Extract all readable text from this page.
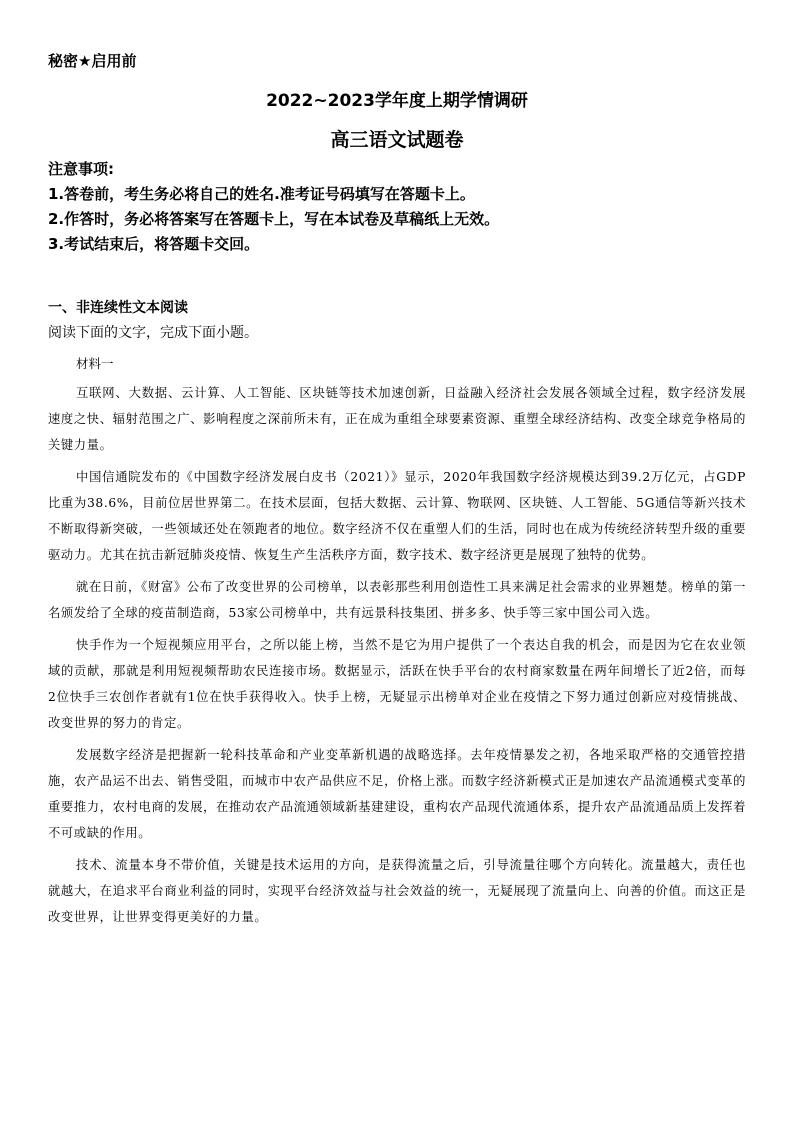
秘密★启用前
2022~2023学年度上期学情调研
高三语文试题卷
注意事项:
1.答卷前，考生务必将自己的姓名.准考证号码填写在答题卡上。
2.作答时，务必将答案写在答题卡上，写在本试卷及草稿纸上无效。
3.考试结束后，将答题卡交回。
一、非连续性文本阅读
阅读下面的文字，完成下面小题。
材料一

互联网、大数据、云计算、人工智能、区块链等技术加速创新，日益融入经济社会发展各领域全过程，数字经济发展速度之快、辐射范围之广、影响程度之深前所未有，正在成为重组全球要素资源、重塑全球经济结构、改变全球竞争格局的关键力量。

中国信通院发布的《中国数字经济发展白皮书（2021）》显示，2020年我国数字经济规模达到39.2万亿元，占GDP比重为38.6%，目前位居世界第二。在技术层面，包括大数据、云计算、物联网、区块链、人工智能、5G通信等新兴技术不断取得新突破，一些领域还处在领跑者的地位。数字经济不仅在重塑人们的生活，同时也在成为传统经济转型升级的重要驱动力。尤其在抗击新冠肺炎疫情、恢复生产生活秩序方面，数字技术、数字经济更是展现了独特的优势。

就在日前，《财富》公布了改变世界的公司榜单，以表彰那些利用创造性工具来满足社会需求的业界翘楚。榜单的第一名颁发给了全球的疫苗制造商，53家公司榜单中，共有远景科技集团、拼多多、快手等三家中国公司入选。

快手作为一个短视频应用平台，之所以能上榜，当然不是它为用户提供了一个表达自我的机会，而是因为它在农业领域的贡献，那就是利用短视频帮助农民连接市场。数据显示，活跃在快手平台的农村商家数量在两年间增长了近2倍，而每2位快手三农创作者就有1位在快手获得收入。快手上榜，无疑显示出榜单对企业在疫情之下努力通过创新应对疫情挑战、改变世界的努力的肯定。

发展数字经济是把握新一轮科技革命和产业变革新机遇的战略选择。去年疫情暴发之初，各地采取严格的交通管控措施，农产品运不出去、销售受阻，而城市中农产品供应不足，价格上涨。而数字经济新模式正是加速农产品流通模式变革的重要推力，农村电商的发展，在推动农产品流通领域新基建建设，重构农产品现代流通体系，提升农产品流通品质上发挥着不可或缺的作用。

技术、流量本身不带价值，关键是技术运用的方向，是获得流量之后，引导流量往哪个方向转化。流量越大，责任也就越大，在追求平台商业利益的同时，实现平台经济效益与社会效益的统一，无疑展现了流量向上、向善的价值。而这正是改变世界，让世界变得更美好的力量。
